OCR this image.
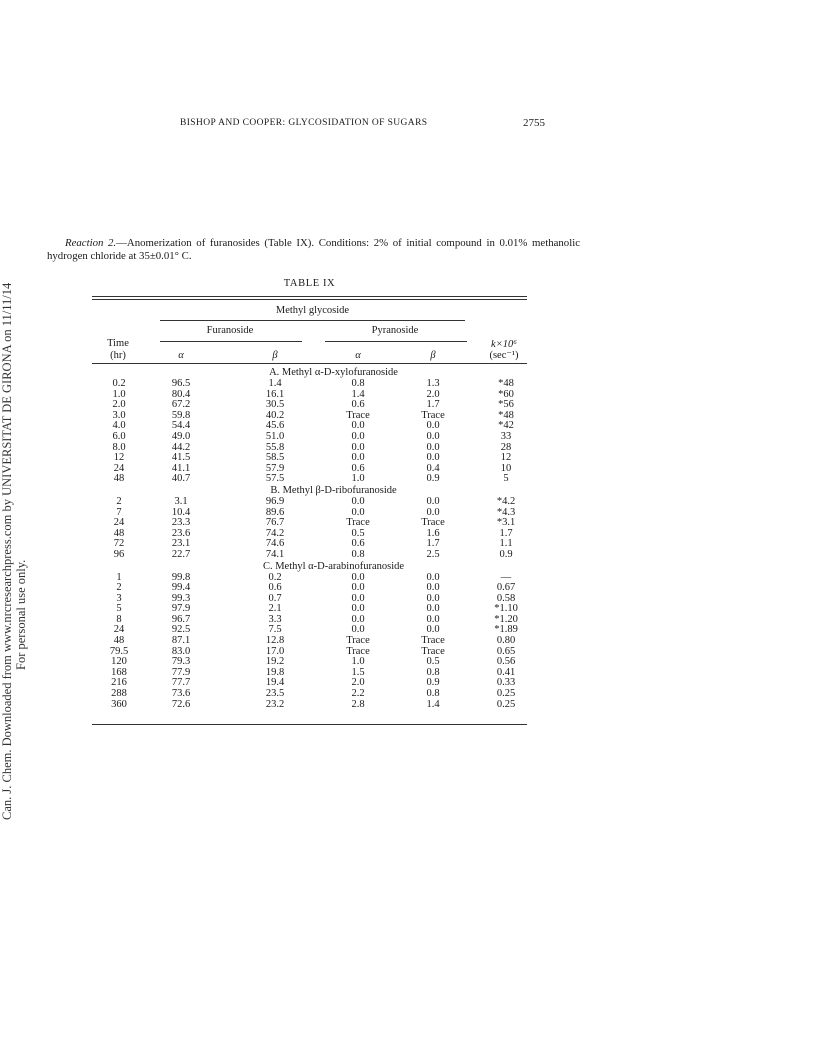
Can. J. Chem. Downloaded from www.nrcresearchpress.com by UNIVERSITAT DE GIRONA on 11/11/14 For personal use only.
BISHOP AND COOPER: GLYCOSIDATION OF SUGARS	2755
Reaction 2.—Anomerization of furanosides (Table IX). Conditions: 2% of initial compound in 0.01% methanolic hydrogen chloride at 35±0.01° C.
TABLE IX
Methyl glycoside
Furanoside	Pyranoside
Time
(hr)	α	β	α	β
k×10⁶
(sec⁻¹)
A. Methyl α-D-xylofuranoside
0.2	96.5	1.4	0.8	1.3	*48
1.0	80.4	16.1	1.4	2.0	*60
2.0	67.2	30.5	0.6	1.7	*56
3.0	59.8	40.2	Trace	Trace	*48
4.0	54.4	45.6	0.0	0.0	*42
6.0	49.0	51.0	0.0	0.0	33
8.0	44.2	55.8	0.0	0.0	28
12	41.5	58.5	0.0	0.0	12
24	41.1	57.9	0.6	0.4	10
48	40.7	57.5	1.0	0.9	5
B. Methyl β-D-ribofuranoside
2	3.1	96.9	0.0	0.0	*4.2
7	10.4	89.6	0.0	0.0	*4.3
24	23.3	76.7	Trace	Trace	*3.1
48	23.6	74.2	0.5	1.6	1.7
72	23.1	74.6	0.6	1.7	1.1
96	22.7	74.1	0.8	2.5	0.9
C. Methyl α-D-arabinofuranoside
1	99.8	0.2	0.0	0.0	—
2	99.4	0.6	0.0	0.0	0.67
3	99.3	0.7	0.0	0.0	0.58
5	97.9	2.1	0.0	0.0	*1.10
8	96.7	3.3	0.0	0.0	*1.20
24	92.5	7.5	0.0	0.0	*1.89
48	87.1	12.8	Trace	Trace	0.80
79.5	83.0	17.0	Trace	Trace	0.65
120	79.3	19.2	1.0	0.5	0.56
168	77.9	19.8	1.5	0.8	0.41
216	77.7	19.4	2.0	0.9	0.33
288	73.6	23.5	2.2	0.8	0.25
360	72.6	23.2	2.8	1.4	0.25
